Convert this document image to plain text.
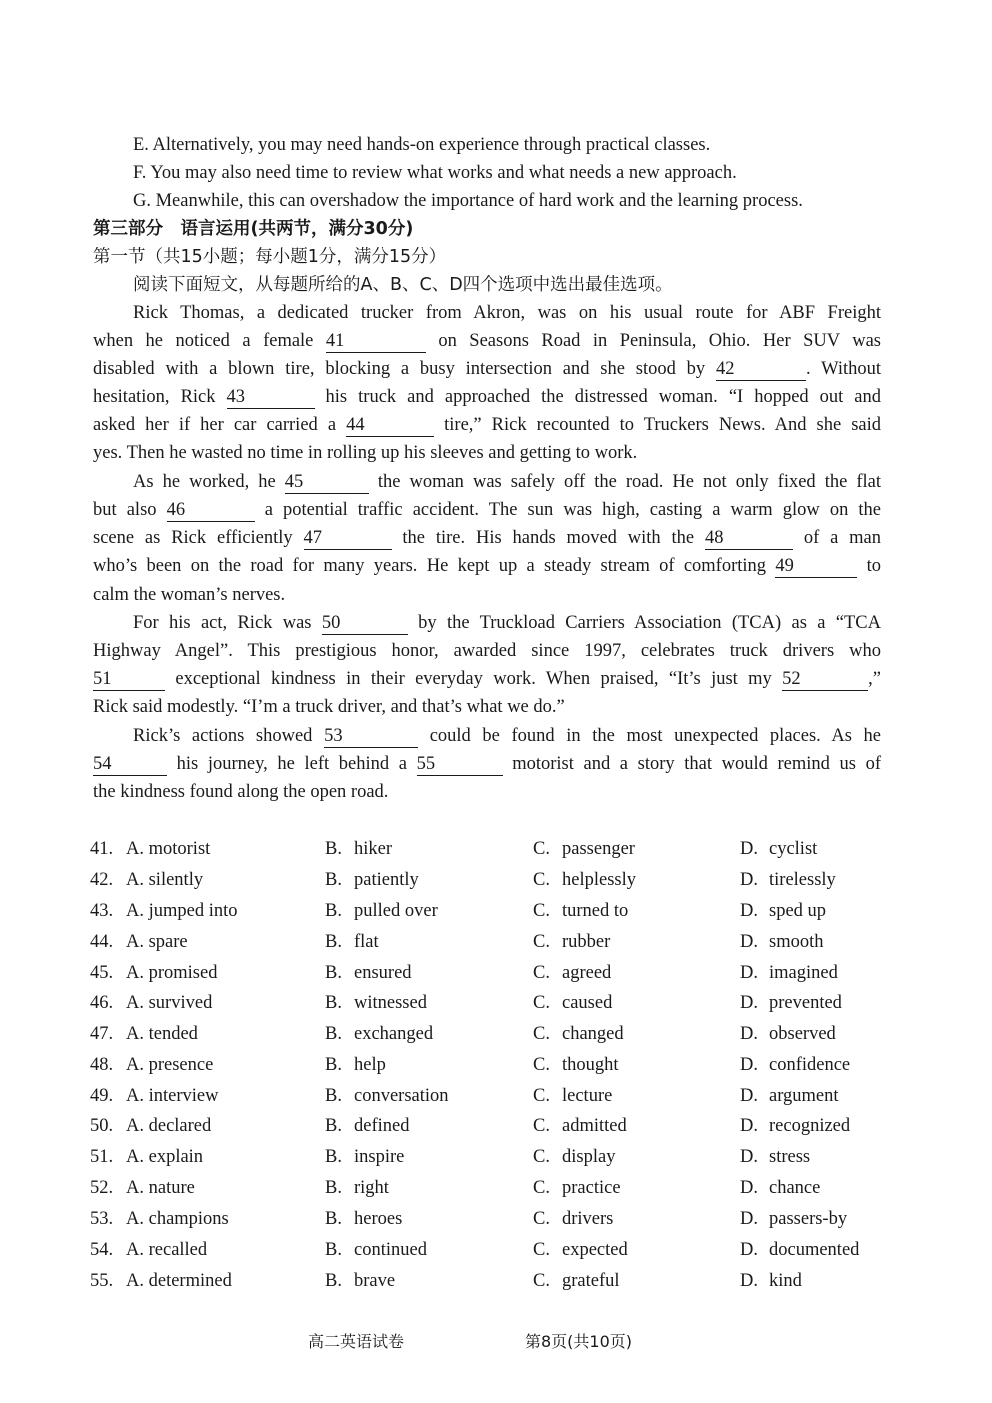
E. Alternatively, you may need hands-on experience through practical classes.
F. You may also need time to review what works and what needs a new approach.
G. Meanwhile, this can overshadow the importance of hard work and the learning process.
第三部分　语言运用(共两节，满分30分)
第一节（共15小题；每小题1分，满分15分）
阅读下面短文，从每题所给的A、B、C、D四个选项中选出最佳选项。
Rick Thomas, a dedicated trucker from Akron, was on his usual route for ABF Freight
when he noticed a female 41	on Seasons Road in Peninsula, Ohio. Her SUV was
disabled with a blown tire, blocking a busy intersection and she stood by 42	. Without
hesitation, Rick 43	his truck and approached the distressed woman. “I hopped out and
asked her if her car carried a 44	tire,” Rick recounted to Truckers News. And she said
yes. Then he wasted no time in rolling up his sleeves and getting to work.
As he worked, he 45	the woman was safely off the road. He not only fixed the flat
but also 46	a potential traffic accident. The sun was high, casting a warm glow on the
scene as Rick efficiently 47	the tire. His hands moved with the 48	of a man
who’s been on the road for many years. He kept up a steady stream of comforting 49	to
calm the woman’s nerves.
For his act, Rick was 50	by the Truckload Carriers Association (TCA) as a “TCA
Highway Angel”. This prestigious honor, awarded since 1997, celebrates truck drivers who
51	exceptional kindness in their everyday work. When praised, “It’s just my 52	,”
Rick said modestly. “I’m a truck driver, and that’s what we do.”
Rick’s actions showed 53	could be found in the most unexpected places. As he
54	his journey, he left behind a 55	motorist and a story that would remind us of
the kindness found along the open road.
41. A. motorist	B. hiker	C. passenger	D. cyclist
42. A. silently	B. patiently	C. helplessly	D. tirelessly
43. A. jumped into	B. pulled over	C. turned to	D. sped up
44. A. spare	B. flat	C. rubber	D. smooth
45. A. promised	B. ensured	C. agreed	D. imagined
46. A. survived	B. witnessed	C. caused	D. prevented
47. A. tended	B. exchanged	C. changed	D. observed
48. A. presence	B. help	C. thought	D. confidence
49. A. interview	B. conversation	C. lecture	D. argument
50. A. declared	B. defined	C. admitted	D. recognized
51. A. explain	B. inspire	C. display	D. stress
52. A. nature	B. right	C. practice	D. chance
53. A. champions	B. heroes	C. drivers	D. passers-by
54. A. recalled	B. continued	C. expected	D. documented
55. A. determined	B. brave	C. grateful	D. kind
高二英语试卷	第8页(共10页)
